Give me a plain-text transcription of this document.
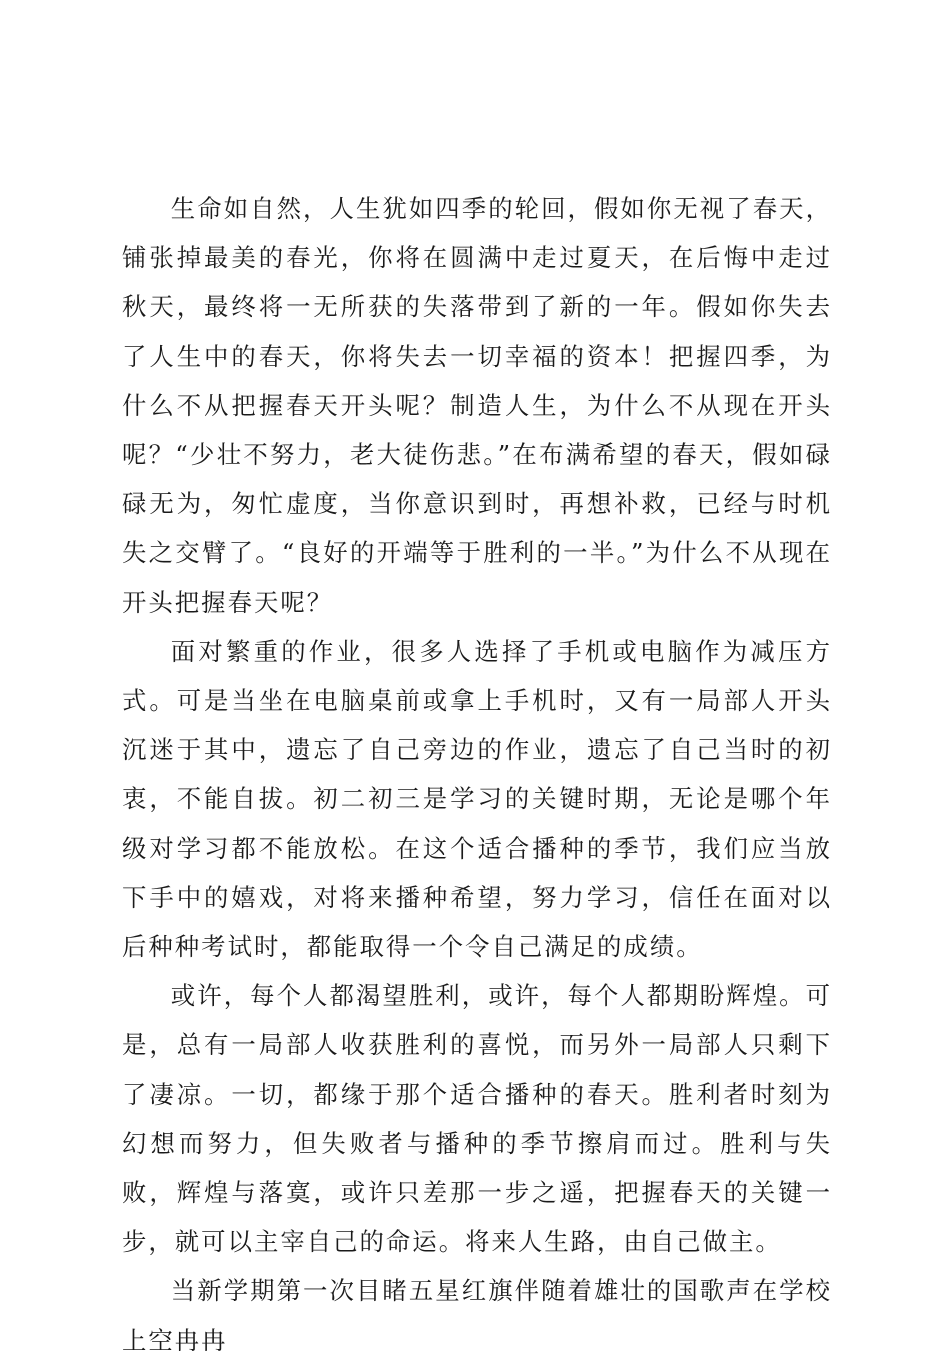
生命如自然，人生犹如四季的轮回，假如你无视了春天，铺张掉最美的春光，你将在圆满中走过夏天，在后悔中走过秋天，最终将一无所获的失落带到了新的一年。假如你失去了人生中的春天，你将失去一切幸福的资本！把握四季，为什么不从把握春天开头呢？制造人生，为什么不从现在开头呢？“少壮不努力，老大徒伤悲。”在布满希望的春天，假如碌碌无为，匆忙虚度，当你意识到时，再想补救，已经与时机失之交臂了。“良好的开端等于胜利的一半。”为什么不从现在开头把握春天呢？

面对繁重的作业，很多人选择了手机或电脑作为减压方式。可是当坐在电脑桌前或拿上手机时，又有一局部人开头沉迷于其中，遗忘了自己旁边的作业，遗忘了自己当时的初衷，不能自拔。初二初三是学习的关键时期，无论是哪个年级对学习都不能放松。在这个适合播种的季节，我们应当放下手中的嬉戏，对将来播种希望，努力学习，信任在面对以后种种考试时，都能取得一个令自己满足的成绩。

或许，每个人都渴望胜利，或许，每个人都期盼辉煌。可是，总有一局部人收获胜利的喜悦，而另外一局部人只剩下了凄凉。一切，都缘于那个适合播种的春天。胜利者时刻为幻想而努力，但失败者与播种的季节擦肩而过。胜利与失败，辉煌与落寞，或许只差那一步之遥，把握春天的关键一步，就可以主宰自己的命运。将来人生路，由自己做主。

当新学期第一次目睹五星红旗伴随着雄壮的国歌声在学校上空冉冉
